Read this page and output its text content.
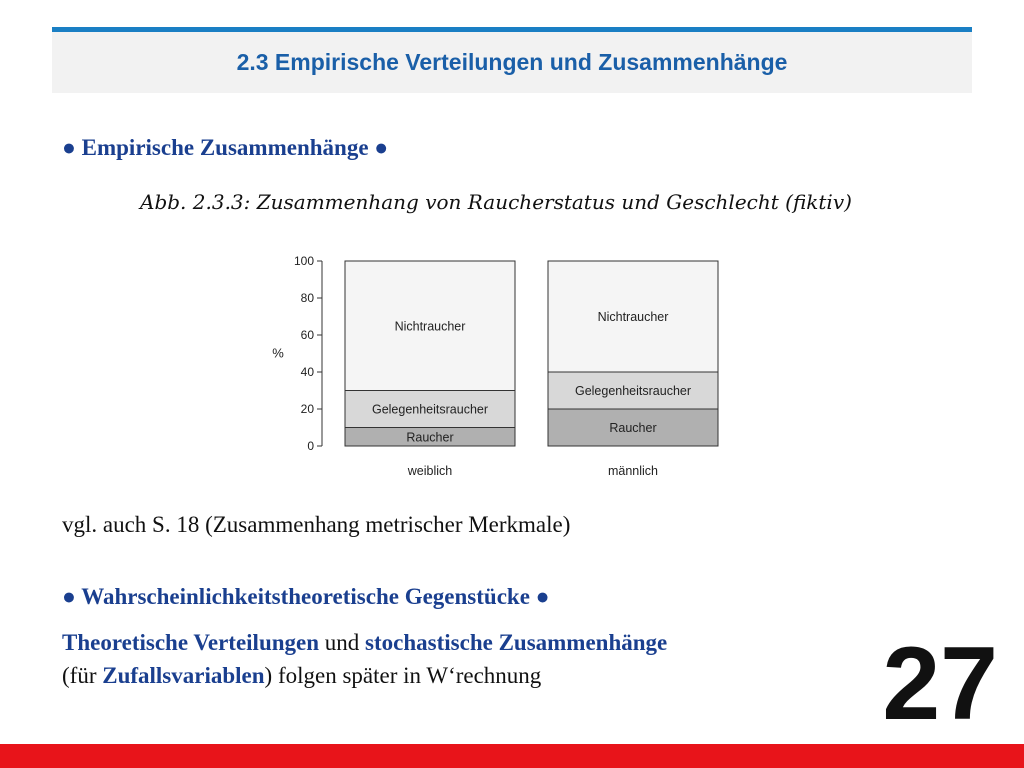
2.3 Empirische Verteilungen und Zusammenhänge
● Empirische Zusammenhänge ●
Abb. 2.3.3: Zusammenhang von Raucherstatus und Geschlecht (fiktiv)
0
20
40
60
80
100
%
Raucher
Gelegenheitsraucher
Nichtraucher
Raucher
Gelegenheitsraucher
Nichtraucher
weiblich	männlich
vgl. auch S. 18 (Zusammenhang metrischer Merkmale)
● Wahrscheinlichkeitstheoretische Gegenstücke ●
Theoretische Verteilungen und stochastische Zusammenhänge
(für Zufallsvariablen) folgen später in W‘rechnung	27
